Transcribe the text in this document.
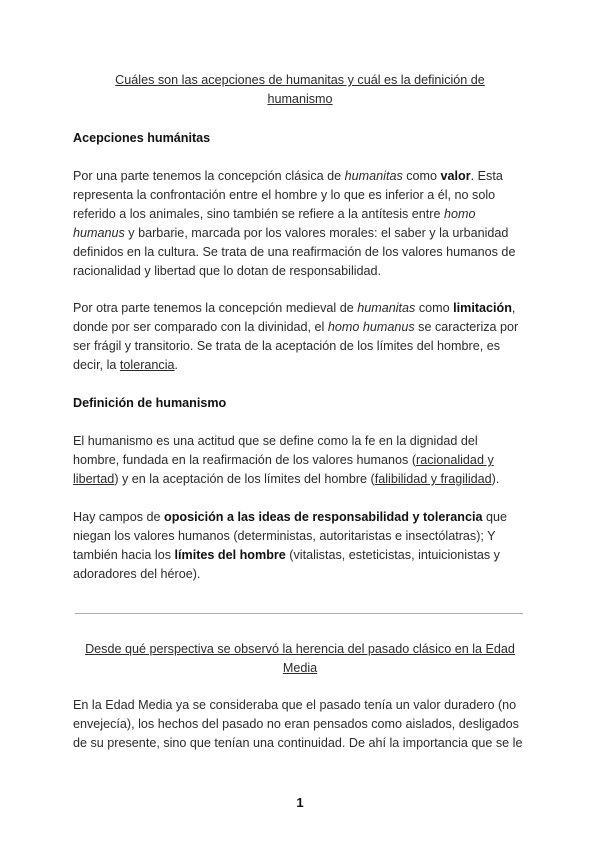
Cuáles son las acepciones de humanitas y cuál es la definición de
humanismo
Acepciones humánitas
Por una parte tenemos la concepción clásica de humanitas como valor. Esta
representa la confrontación entre el hombre y lo que es inferior a él, no solo
referido a los animales, sino también se refiere a la antítesis entre homo
humanus y barbarie, marcada por los valores morales: el saber y la urbanidad
definidos en la cultura. Se trata de una reafirmación de los valores humanos de
racionalidad y libertad que lo dotan de responsabilidad.
Por otra parte tenemos la concepción medieval de humanitas como limitación,
donde por ser comparado con la divinidad, el homo humanus se caracteriza por
ser frágil y transitorio. Se trata de la aceptación de los límites del hombre, es
decir, la tolerancia.
Definición de humanismo
El humanismo es una actitud que se define como la fe en la dignidad del
hombre, fundada en la reafirmación de los valores humanos (racionalidad y
libertad) y en la aceptación de los límites del hombre (falibilidad y fragilidad).
Hay campos de oposición a las ideas de responsabilidad y tolerancia que
niegan los valores humanos (deterministas, autoritaristas e insectólatras); Y
también hacia los límites del hombre (vitalistas, esteticistas, intuicionistas y
adoradores del héroe).
Desde qué perspectiva se observó la herencia del pasado clásico en la Edad
Media
En la Edad Media ya se consideraba que el pasado tenía un valor duradero (no
envejecía), los hechos del pasado no eran pensados como aislados, desligados
de su presente, sino que tenían una continuidad. De ahí la importancia que se le
1
